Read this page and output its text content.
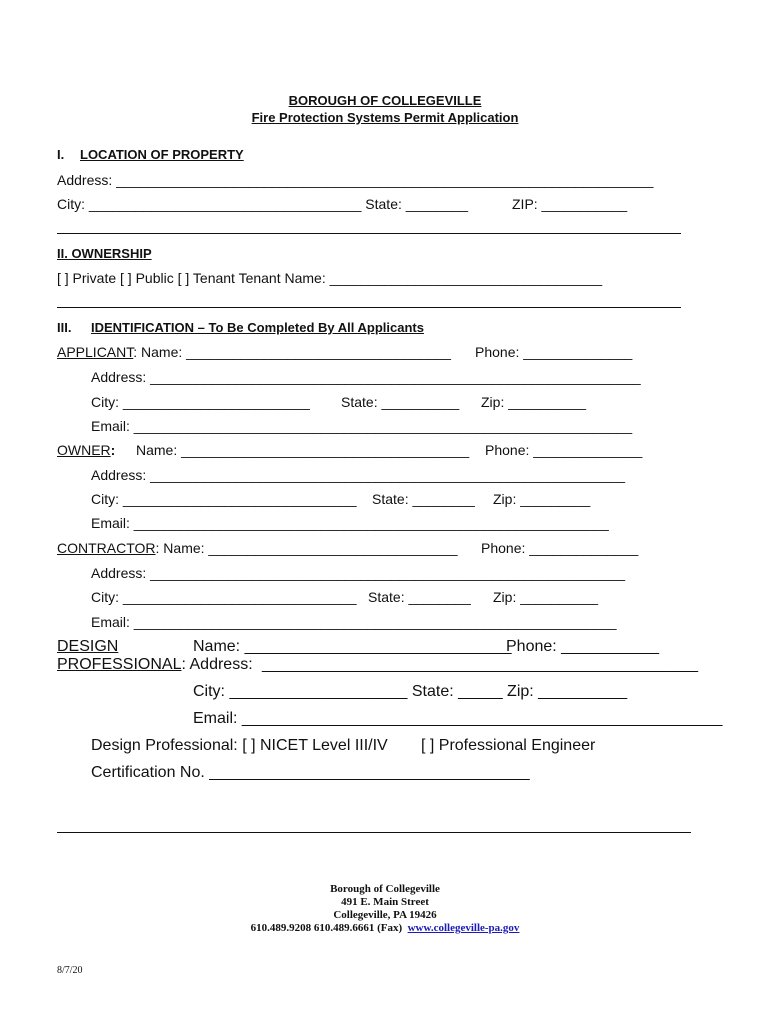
BOROUGH OF COLLEGEVILLE
Fire Protection Systems Permit Application
I. LOCATION OF PROPERTY
Address: _____________________________________________________________________
City: ___________________________________ State: ________	ZIP: ___________
II. OWNERSHIP
[ ] Private [ ] Public [ ] Tenant Tenant Name: ___________________________________
III. IDENTIFICATION – To Be Completed By All Applicants
APPLICANT: Name: __________________________________ Phone: ______________
Address: _______________________________________________________________
City: ________________________ State: __________ Zip: __________
Email: ________________________________________________________________
OWNER: Name: _____________________________________ Phone: ______________
Address: _____________________________________________________________
City: ______________________________ State: ________ Zip: _________
Email: _____________________________________________________________
CONTRACTOR: Name: ________________________________ Phone: ______________
Address: _____________________________________________________________
City: ______________________________ State: ________ Zip: __________
Email: ______________________________________________________________
DESIGN	Name: ______________________________
Phone: ___________
PROFESSIONAL: Address: _________________________________________________
City: ____________________ State: _____ Zip: __________
Email: ______________________________________________________
Design Professional: [ ] NICET Level III/IV [ ] Professional Engineer
Certification No. ____________________________________
Borough of Collegeville
491 E. Main Street
Collegeville, PA 19426
610.489.9208 610.489.6661 (Fax) www.collegeville-pa.gov
8/7/20
